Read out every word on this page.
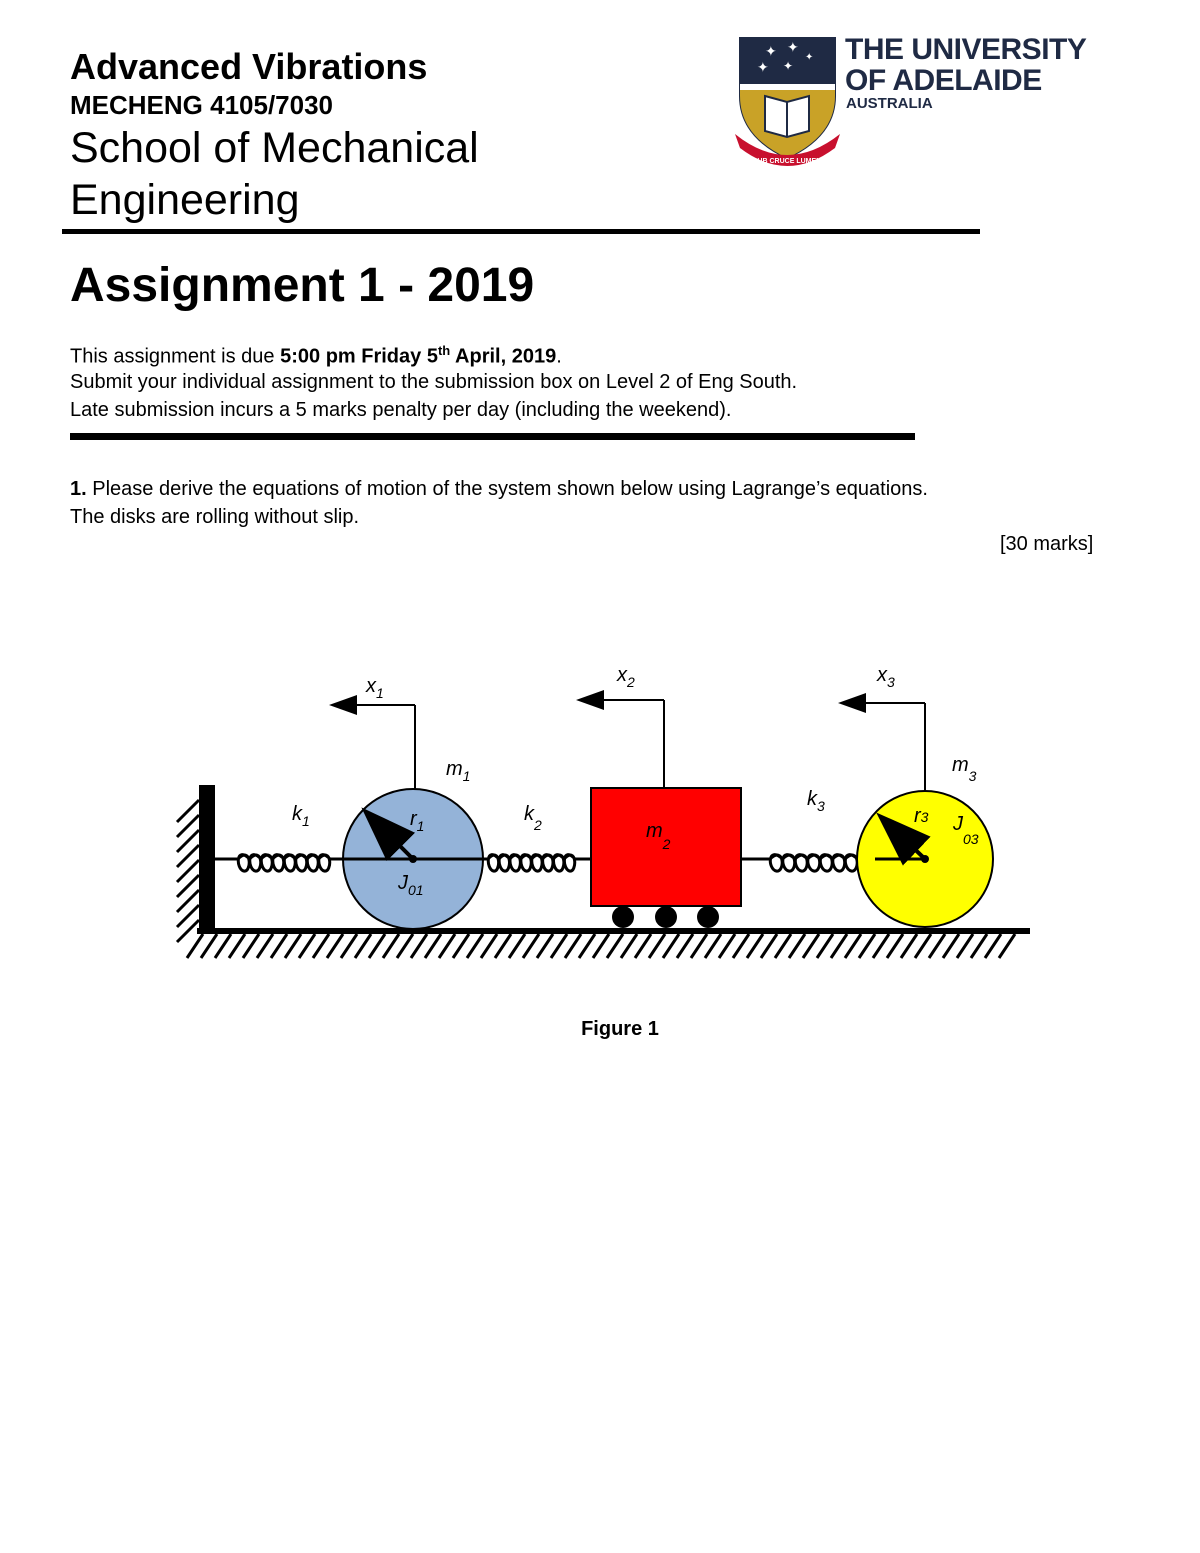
Advanced Vibrations
MECHENG 4105/7030
School of Mechanical
Engineering
✦ ✦
✦ ✦
✦
SUB CRUCE LUMEN
THE UNIVERSITY
OF ADELAIDE
AUSTRALIA
Assignment 1 - 2019
This assignment is due 5:00 pm Friday 5th April, 2019.
Submit your individual assignment to the submission box on Level 2 of Eng South.
Late submission incurs a 5 marks penalty per day (including the weekend).
1. Please derive the equations of motion of the system shown below using Lagrange’s equations.
The disks are rolling without slip.
[30 marks]
$x_1$
$x_2$	$x_3$
$m_1$
$m_2$
$m_3$
$k_1$	$k_2$
$k_3$
$r_1$	r3
$J_{01}$
$J_{03}$
Figure 1
